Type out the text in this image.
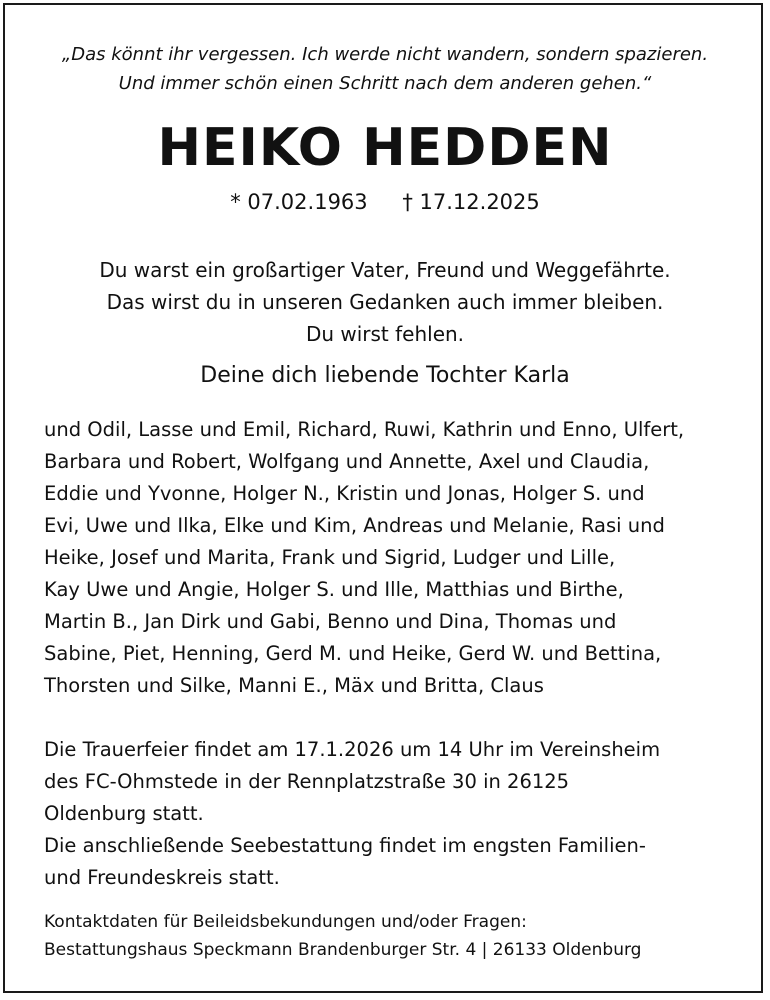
„Das könnt ihr vergessen. Ich werde nicht wandern, sondern spazieren.
Und immer schön einen Schritt nach dem anderen gehen.“
HEIKO HEDDEN
* 07.02.1963 † 17.12.2025
Du warst ein großartiger Vater, Freund und Weggefährte.
Das wirst du in unseren Gedanken auch immer bleiben.
Du wirst fehlen.
Deine dich liebende Tochter Karla
und Odil, Lasse und Emil, Richard, Ruwi, Kathrin und Enno, Ulfert,
Barbara und Robert, Wolfgang und Annette, Axel und Claudia,
Eddie und Yvonne, Holger N., Kristin und Jonas, Holger S. und
Evi, Uwe und Ilka, Elke und Kim, Andreas und Melanie, Rasi und
Heike, Josef und Marita, Frank und Sigrid, Ludger und Lille,
Kay Uwe und Angie, Holger S. und Ille, Matthias und Birthe,
Martin B., Jan Dirk und Gabi, Benno und Dina, Thomas und
Sabine, Piet, Henning, Gerd M. und Heike, Gerd W. und Bettina,
Thorsten und Silke, Manni E., Mäx und Britta, Claus
Die Trauerfeier findet am 17.1.2026 um 14 Uhr im Vereinsheim
des FC-Ohmstede in der Rennplatzstraße 30 in 26125
Oldenburg statt.
Die anschließende Seebestattung findet im engsten Familien-
und Freundeskreis statt.
Kontaktdaten für Beileidsbekundungen und/oder Fragen:
Bestattungshaus Speckmann Brandenburger Str. 4 | 26133 Oldenburg
